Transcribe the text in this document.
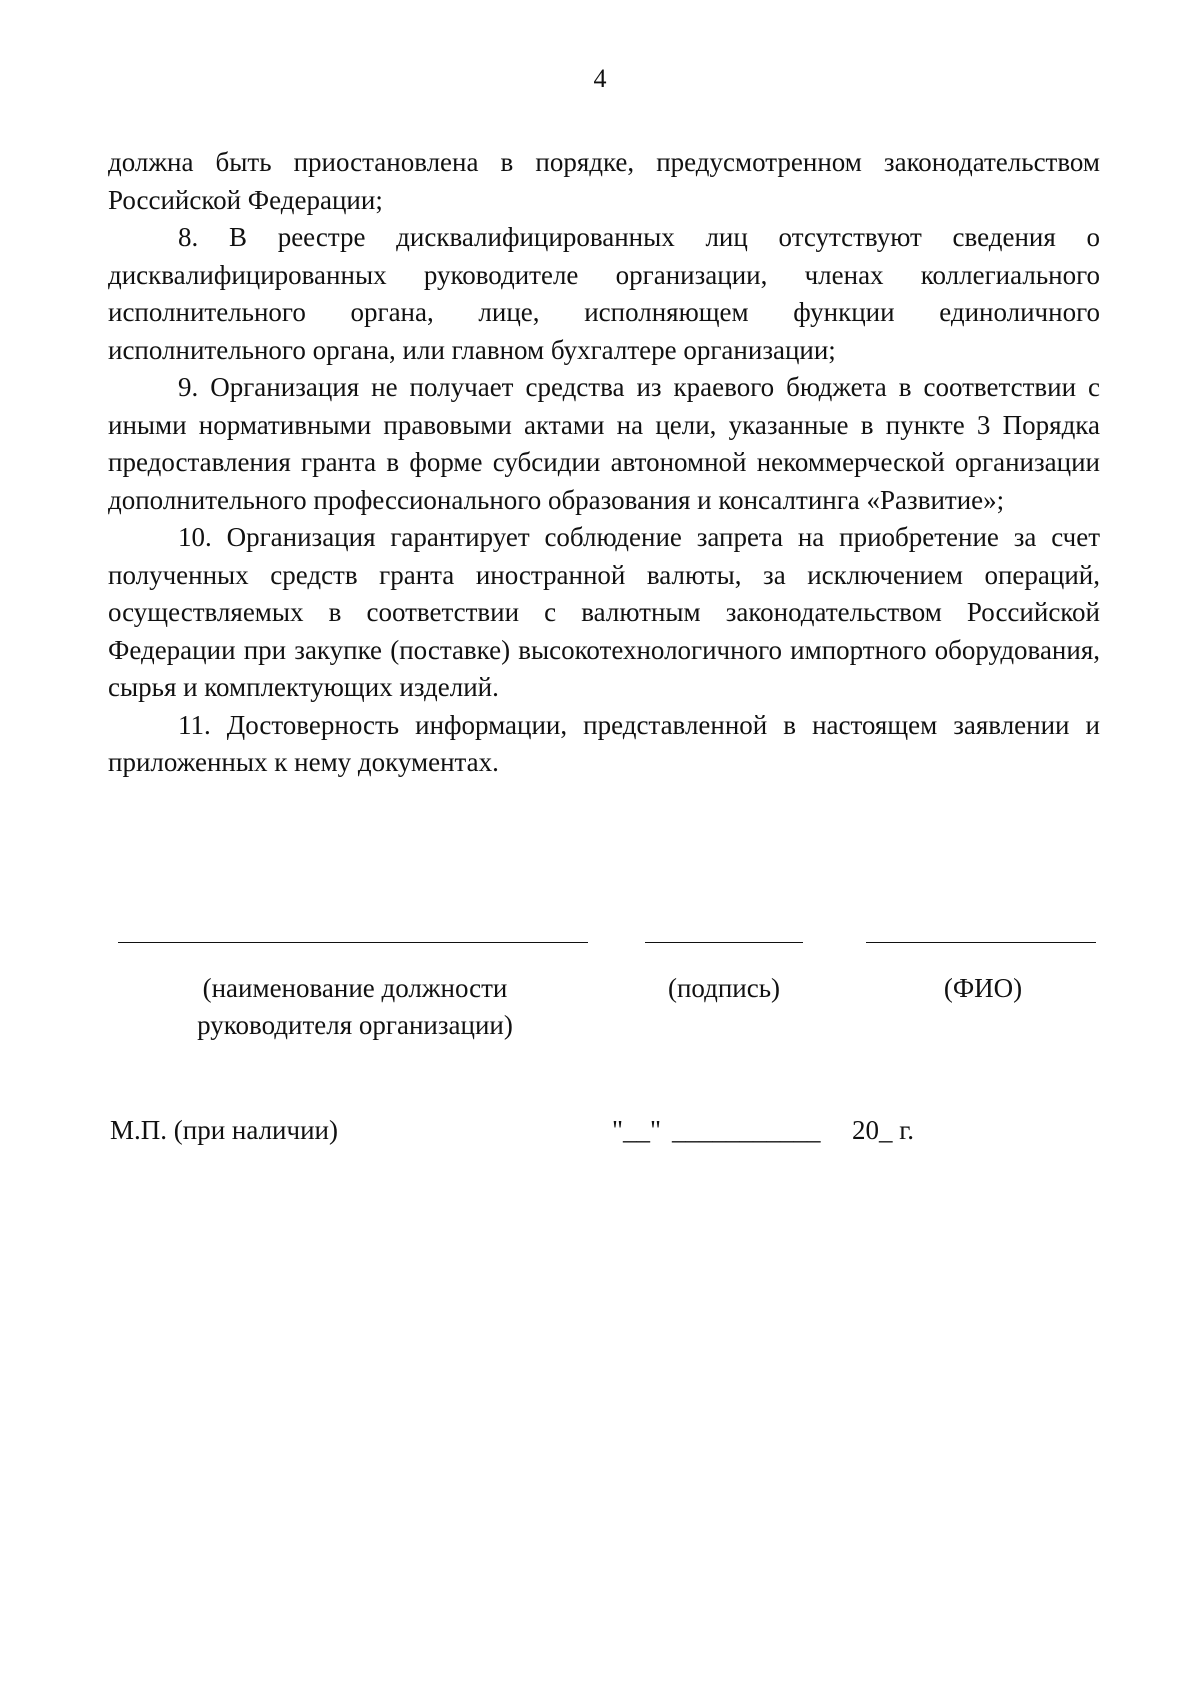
4

должна быть приостановлена в порядке, предусмотренном законодательством Российской Федерации;

8. В реестре дисквалифицированных лиц отсутствуют сведения о дисквалифицированных руководителе организации, членах коллегиального исполнительного органа, лице, исполняющем функции единоличного исполнительного органа, или главном бухгалтере организации;

9. Организация не получает средства из краевого бюджета в соответствии с иными нормативными правовыми актами на цели, указанные в пункте 3 Порядка предоставления гранта в форме субсидии автономной некоммерческой организации дополнительного профессионального образования и консалтинга «Развитие»;

10. Организация гарантирует соблюдение запрета на приобретение за счет полученных средств гранта иностранной валюты, за исключением операций, осуществляемых в соответствии с валютным законодательством Российской Федерации при закупке (поставке) высокотехнологичного импортного оборудования, сырья и комплектующих изделий.

11. Достоверность информации, представленной в настоящем заявлении и приложенных к нему документах.

(наименование должности
руководителя организации)
(подпись)	(ФИО)
М.П. (при наличии)	"__" ___________ 20_ г.
